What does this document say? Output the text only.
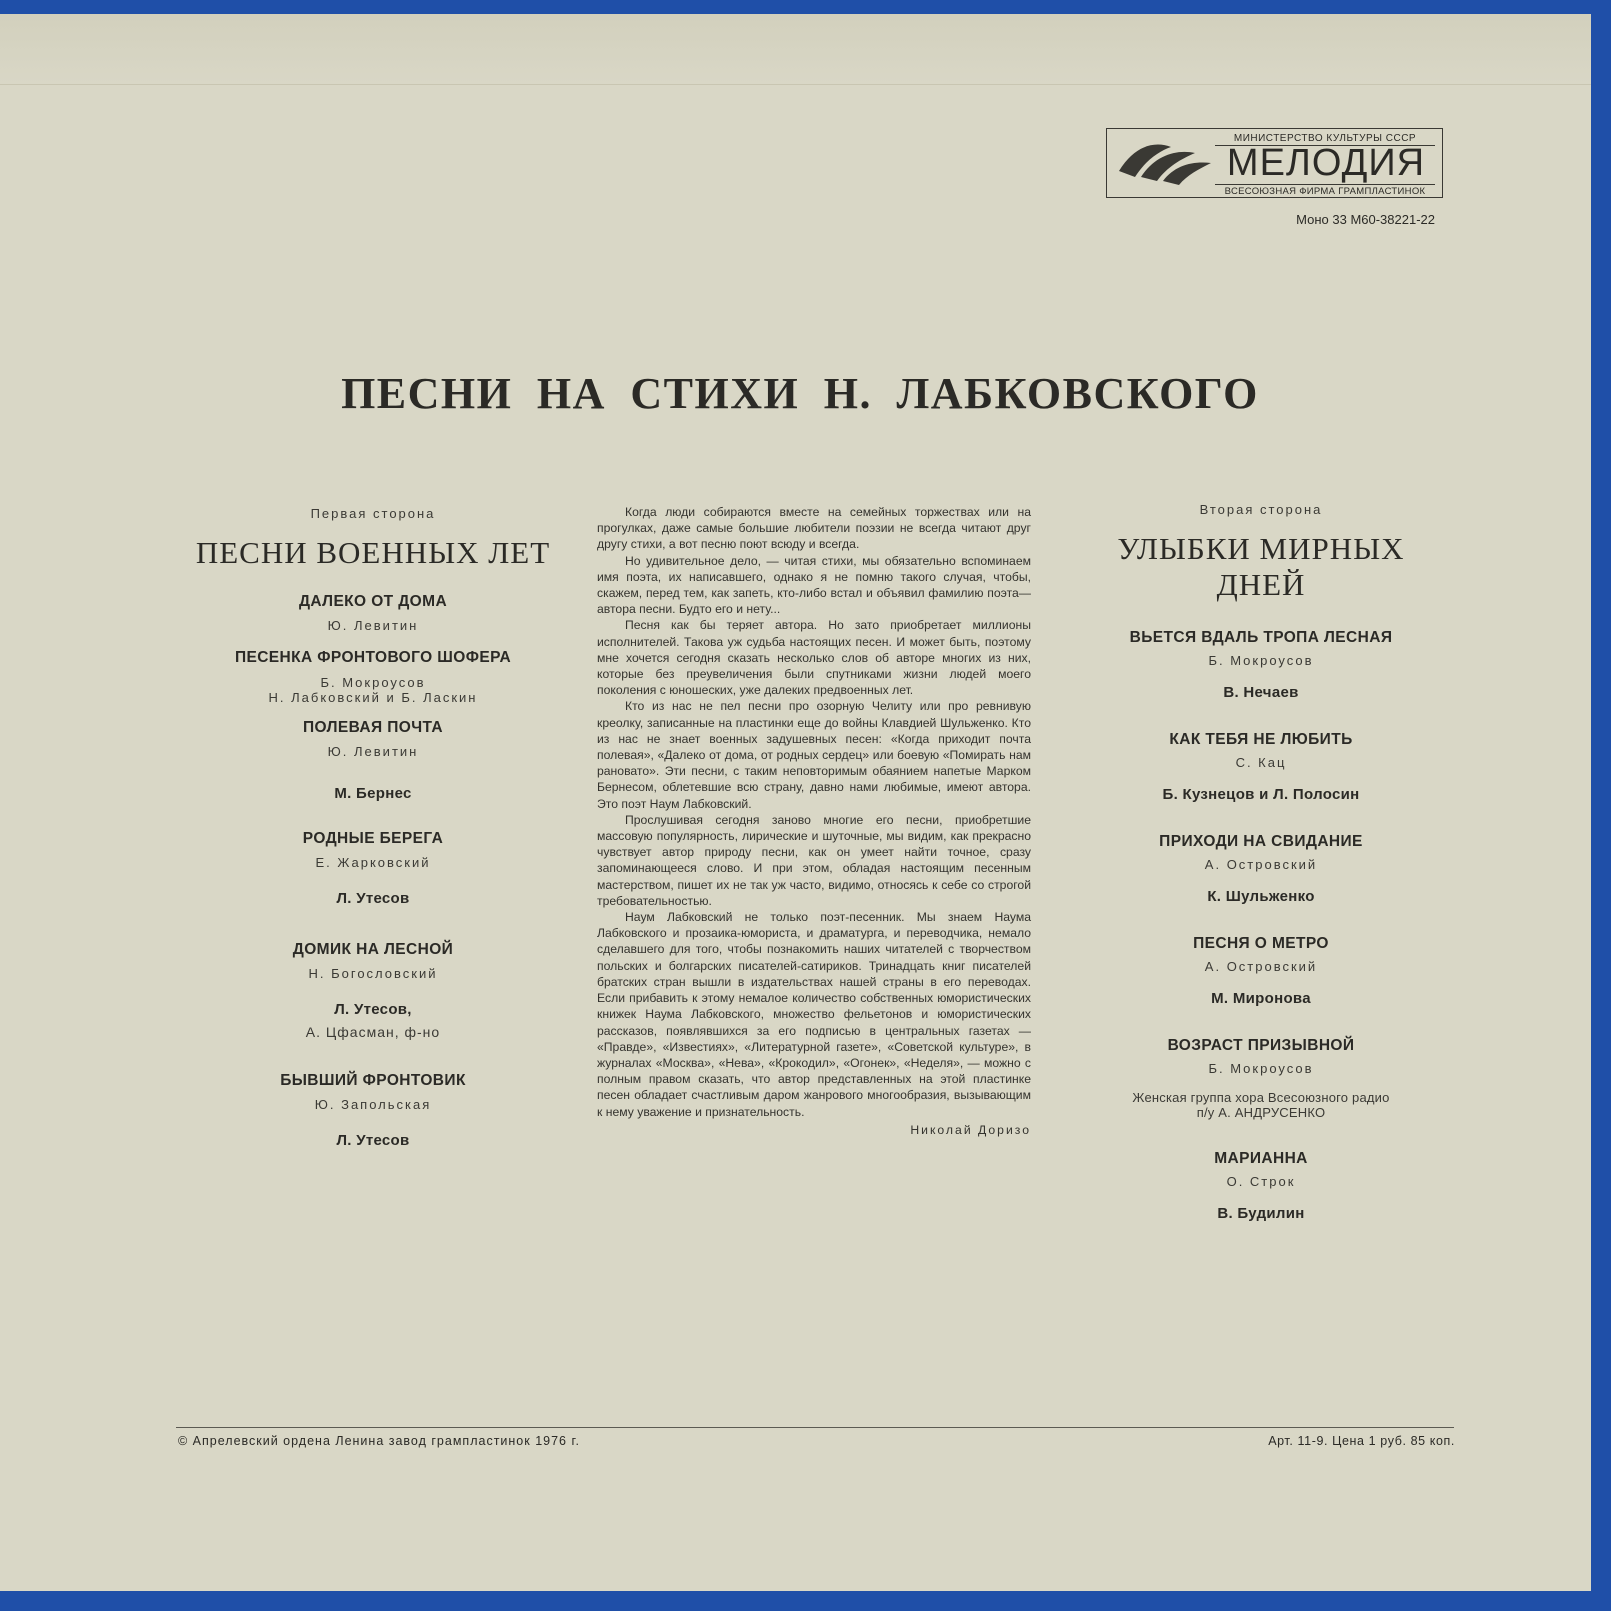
МИНИСТЕРСТВО КУЛЬТУРЫ СССР
МЕЛОДИЯ
ВСЕСОЮЗНАЯ ФИРМА ГРАМПЛАСТИНОК
Моно 33 М60-38221-22
ПЕСНИ НА СТИХИ Н. ЛАБКОВСКОГО
Первая сторона
ПЕСНИ ВОЕННЫХ ЛЕТ
ДАЛЕКО ОТ ДОМА
Ю. Левитин
ПЕСЕНКА ФРОНТОВОГО ШОФЕРА
Б. Мокроусов
Н. Лабковский и Б. Ласкин
ПОЛЕВАЯ ПОЧТА
Ю. Левитин
М. Бернес
РОДНЫЕ БЕРЕГА
Е. Жарковский
Л. Утесов
ДОМИК НА ЛЕСНОЙ
Н. Богословский
Л. Утесов,
А. Цфасман, ф-но
БЫВШИЙ ФРОНТОВИК
Ю. Запольская
Л. Утесов

Когда люди собираются вместе на семейных торжествах или на прогулках, даже самые большие любители поэзии не всегда читают друг другу стихи, а вот песню поют всюду и всегда.

Но удивительное дело, — читая стихи, мы обязательно вспоминаем имя поэта, их написавшего, однако я не помню такого случая, чтобы, скажем, перед тем, как запеть, кто-либо встал и объявил фамилию поэта— автора песни. Будто его и нету...

Песня как бы теряет автора. Но зато приобретает миллионы исполнителей. Такова уж судьба настоящих песен. И может быть, поэтому мне хочется сегодня сказать несколько слов об авторе многих из них, которые без преувеличения были спутниками жизни людей моего поколения с юношеских, уже далеких предвоенных лет.

Кто из нас не пел песни про озорную Челиту или про ревнивую креолку, записанные на пластинки еще до войны Клавдией Шульженко. Кто из нас не знает военных задушевных песен: «Когда приходит почта полевая», «Далеко от дома, от родных сердец» или боевую «Помирать нам рановато». Эти песни, с таким неповторимым обаянием напетые Марком Бернесом, облетевшие всю страну, давно нами любимые, имеют автора. Это поэт Наум Лабковский.

Прослушивая сегодня заново многие его песни, приобретшие массовую популярность, лирические и шуточные, мы видим, как прекрасно чувствует автор природу песни, как он умеет найти точное, сразу запоминающееся слово. И при этом, обладая настоящим песенным мастерством, пишет их не так уж часто, видимо, относясь к себе со строгой требовательностью.

Наум Лабковский не только поэт-песенник. Мы знаем Наума Лабковского и прозаика-юмориста, и драматурга, и переводчика, немало сделавшего для того, чтобы познакомить наших читателей с творчеством польских и болгарских писателей-сатириков. Тринадцать книг писателей братских стран вышли в издательствах нашей страны в его переводах. Если прибавить к этому немалое количество собственных юмористических книжек Наума Лабковского, множество фельетонов и юмористических рассказов, появлявшихся за его подписью в центральных газетах — «Правде», «Известиях», «Литературной газете», «Советской культуре», в журналах «Москва», «Нева», «Крокодил», «Огонек», «Неделя», — можно с полным правом сказать, что автор представленных на этой пластинке песен обладает счастливым даром жанрового многообразия, вызывающим к нему уважение и признательность.

Николай Доризо
Вторая сторона
УЛЫБКИ МИРНЫХ
ДНЕЙ
ВЬЕТСЯ ВДАЛЬ ТРОПА ЛЕСНАЯ
Б. Мокроусов
В. Нечаев
КАК ТЕБЯ НЕ ЛЮБИТЬ
С. Кац
Б. Кузнецов и Л. Полосин
ПРИХОДИ НА СВИДАНИЕ
А. Островский
К. Шульженко
ПЕСНЯ О МЕТРО
А. Островский
М. Миронова
ВОЗРАСТ ПРИЗЫВНОЙ
Б. Мокроусов
Женская группа хора Всесоюзного радио
п/у А. АНДРУСЕНКО
МАРИАННА
О. Строк
В. Будилин
© Апрелевский ордена Ленина завод грампластинок 1976 г.	Арт. 11-9. Цена 1 руб. 85 коп.
